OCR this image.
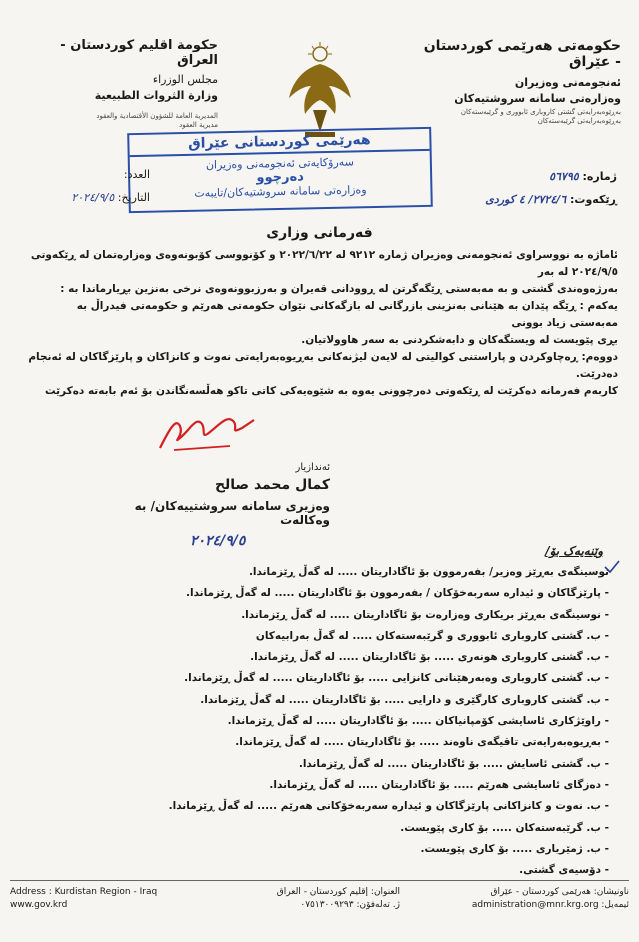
حکومەتی هەرێمی کوردستان - عێراق
ئەنجومەنی وەزیران
وەزارەتی سامانە سروشتیەکان
بەڕێوەبەرایەتی گشتی کاروباری ئابووری و گرێبەستەکان
بەڕێوەبەرایەتی گرێبەستەکان
حكومة اقليم كوردستان - العراق
مجلس الوزراء
وزارة الثروات الطبيعية
المديرية العامة للشؤون الأقتصادية والعقود
مديرية العقود
هەرێمی کوردستانی عێراق
سەرۆکایەتی ئەنجومەنی وەزیران
دەرچوو
وەزارەتی سامانە سروشتیەکان/تایبەت
ژمارە: ٥٦٧٩٥
ڕێکەوت: ٢٧٢٤/٦/ ٤ کوردی
العدد:
التاريخ: ٢٠٢٤/٩/٥
فەرمانی وزاری

ئاماژە بە نووسراوی ئەنجومەنی وەزیران ژمارە ٩٢١٢ لە ٢٠٢٢/٦/٢٢ و کۆنووسی کۆبونەوەی وەزارەتمان لە ڕێکەوتی ٢٠٢٤/٩/٥ لە بەر

بەرژەوەندی گشتی و بە مەبەستی ڕێگەگرتن لە ڕوودانی قەیران و بەرزبوونەوەی نرخی بەنزین بڕیارماندا بە :

یەکەم : ڕێگە پێدان بە هێنانی بەنزینی بازرگانی لە بازگەکانی نێوان حکومەتی هەرێم و حکومەتی فیدراڵ بە مەبەستی زیاد بوونی

بڕی پێویست لە ویستگەکان و دابەشکردنی بە سەر هاوولاتیان.

دووەم: ڕەچاوکردن و پاراستنی کوالیتی لە لایەن لیژنەکانی بەڕیوەبەرایەتی نەوت و کانزاکان و پارێزگاکان لە ئەنجام دەدرێت.

کاربەم فەرمانە دەکرێت لە ڕێکەوتی دەرچوونی یەوە بە شێوەیەکی کاتی تاکو هەڵسەنگاندن بۆ ئەم بابەتە دەکرێت

ئەندازیار
کمال محمد صالح
وەزیری سامانە سروشتییەکان/ بە وەکالەت
٢٠٢٤/٩/٥
وێنەیەک بۆ/
نوسینگەی بەڕێز وەزیر/ بفەرموون بۆ ئاگاداریتان ..... لە گەڵ ڕێزماندا.
- پارێزگاکان و ئیدارە سەربەخۆکان / بفەرموون بۆ ئاگاداریتان ..... لە گەڵ ڕێزماندا.
- نوسینگەی بەڕێز بریکاری وەزارەت بۆ ئاگاداریتان ..... لە گەڵ ڕێزماندا.
- ب. گشتی کاروباری ئابووری و گرێبەستەکان ..... لە گەڵ بەرابیەکان
- ب. گشتی کاروباری هونەری ..... بۆ ئاگاداریتان ..... لە گەڵ ڕێزماندا.
- ب. گشتی کاروباری وەبەرهێنانی کانزایی ..... بۆ ئاگاداریتان ..... لە گەڵ ڕێزماندا.
- ب. گشتی کاروباری کارگێری و دارایی ..... بۆ ئاگاداریتان ..... لە گەڵ ڕێزماندا.
- راوێژکاری ئاسایشی کۆمپانیاکان ..... بۆ ئاگاداریتان ..... لە گەڵ ڕێزماندا.
- بەڕیوەبەرایەتی تاقیگەی ناوەند ..... بۆ ئاگاداریتان ..... لە گەڵ ڕێزماندا.
- ب. گشتی ئاسایش ..... بۆ ئاگاداریتان ..... لە گەڵ ڕێزماندا.
- دەزگای ئاسایشی هەرێم ..... بۆ ئاگاداریتان ..... لە گەڵ ڕێزماندا.
- ب. نەوت و کانزاکانی پارێزگاکان و ئیدارە سەربەخۆکانی هەرێم ..... لە گەڵ ڕێزماندا.
- ب. گرێبەستەکان ..... بۆ کاری پێویست.
- ب. ژمێریاری ..... بۆ کاری پێویست.
- دۆسیەی گشتی.
Address : Kurdistan Region - Iraq
www.gov.krd
العنوان: إقليم كوردستان - العراق
ژ. تەلەفۆن: ٠٧٥١٣٠٠٩٢٩٣
ناونیشان: هەرێمی کوردستان - عێراق
ئیمەیل: administration@mnr.krg.org
